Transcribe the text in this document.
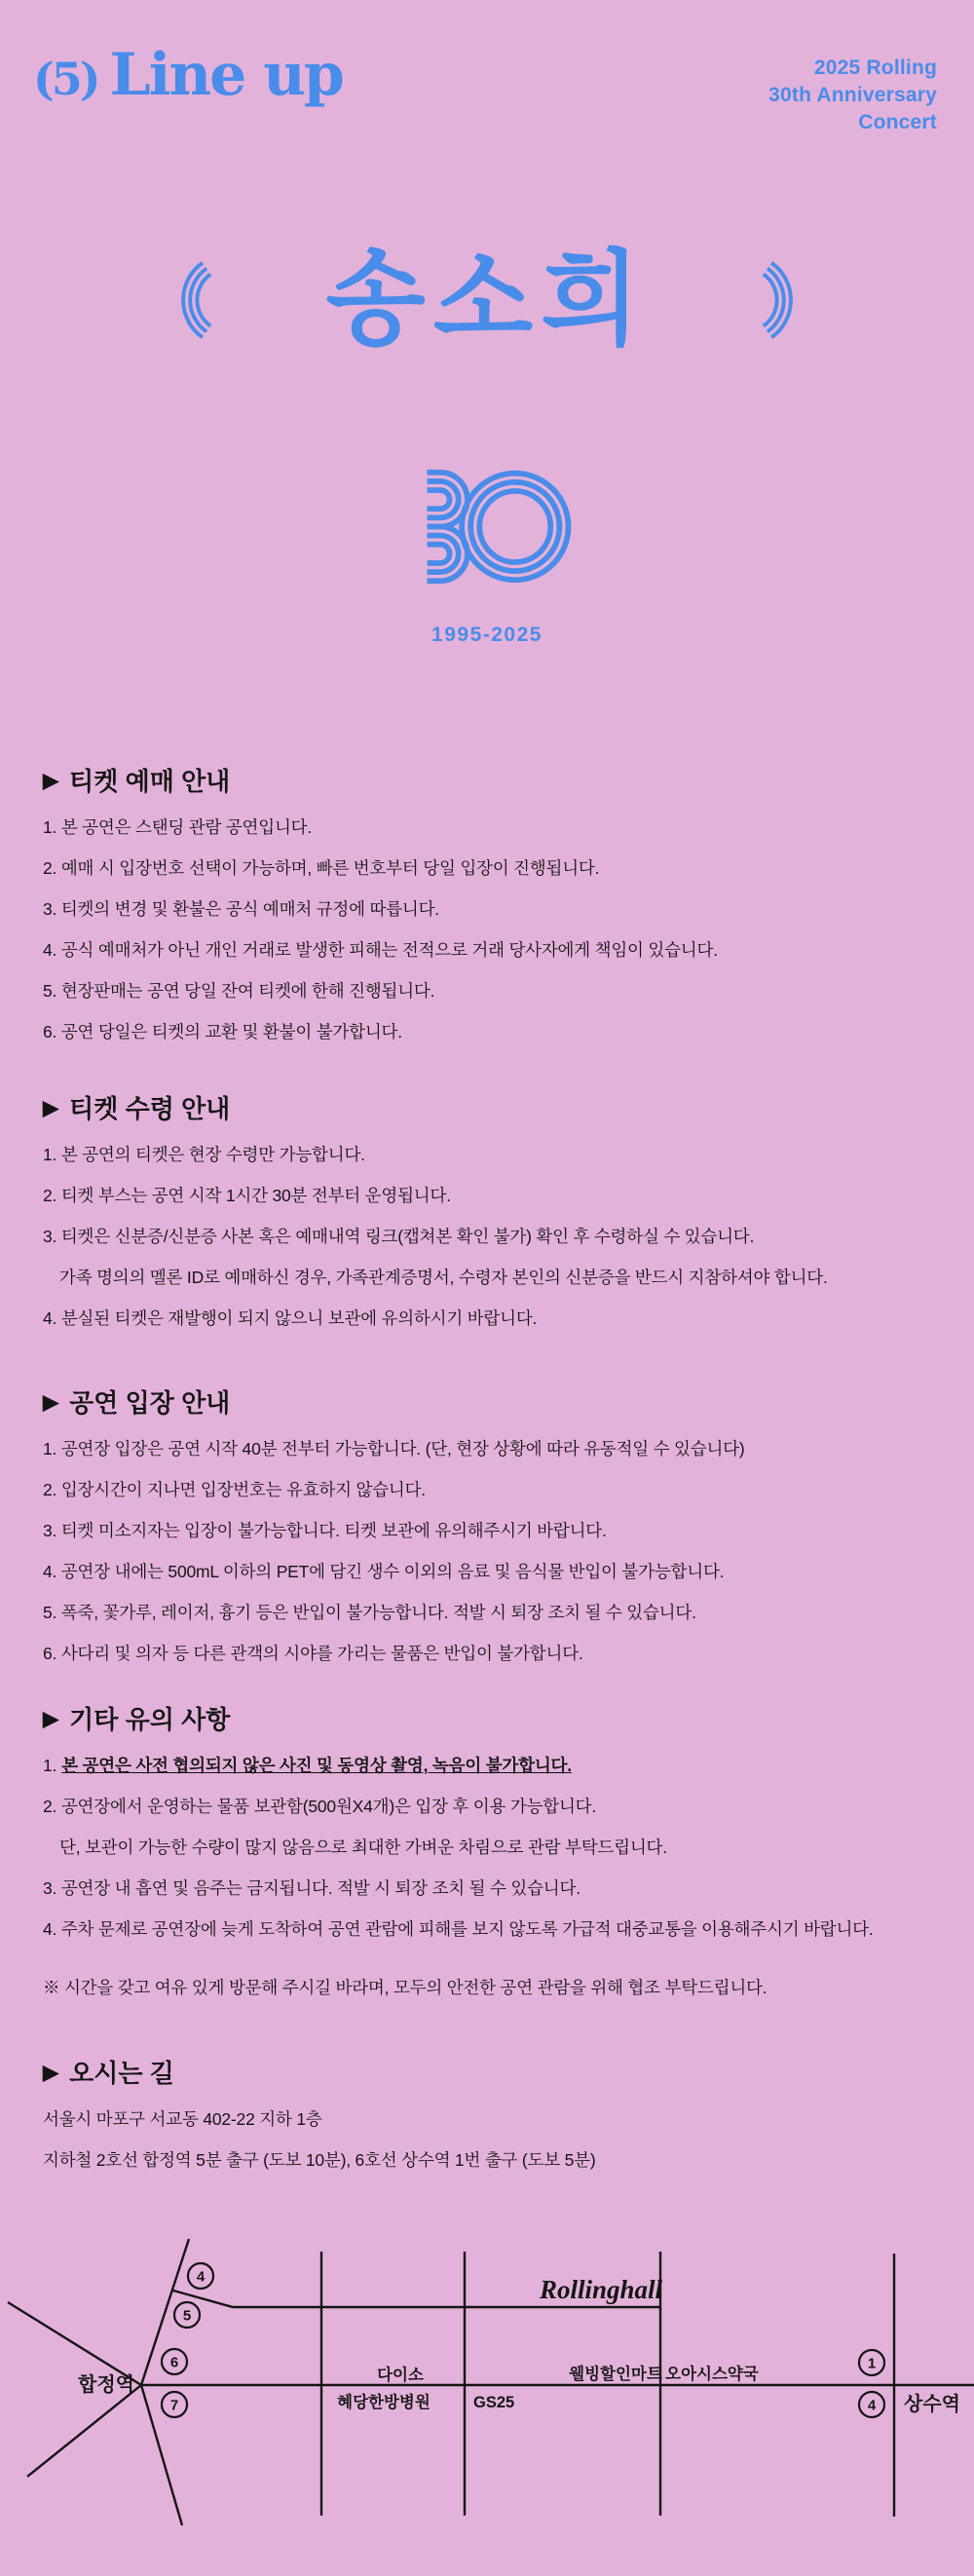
(5) Line up	2025 Rolling
30th Anniversary
Concert
송소희
1995-2025
▶ 티켓 예매 안내
1. 본 공연은 스탠딩 관람 공연입니다.
2. 예매 시 입장번호 선택이 가능하며, 빠른 번호부터 당일 입장이 진행됩니다.
3. 티켓의 변경 및 환불은 공식 예매처 규정에 따릅니다.
4. 공식 예매처가 아닌 개인 거래로 발생한 피해는 전적으로 거래 당사자에게 책임이 있습니다.
5. 현장판매는 공연 당일 잔여 티켓에 한해 진행됩니다.
6. 공연 당일은 티켓의 교환 및 환불이 불가합니다.
▶ 티켓 수령 안내
1. 본 공연의 티켓은 현장 수령만 가능합니다.
2. 티켓 부스는 공연 시작 1시간 30분 전부터 운영됩니다.
3. 티켓은 신분증/신분증 사본 혹은 예매내역 링크(캡쳐본 확인 불가) 확인 후 수령하실 수 있습니다.
가족 명의의 멜론 ID로 예매하신 경우, 가족관계증명서, 수령자 본인의 신분증을 반드시 지참하셔야 합니다.
4. 분실된 티켓은 재발행이 되지 않으니 보관에 유의하시기 바랍니다.
▶ 공연 입장 안내
1. 공연장 입장은 공연 시작 40분 전부터 가능합니다. (단, 현장 상황에 따라 유동적일 수 있습니다)
2. 입장시간이 지나면 입장번호는 유효하지 않습니다.
3. 티켓 미소지자는 입장이 불가능합니다. 티켓 보관에 유의해주시기 바랍니다.
4. 공연장 내에는 500mL 이하의 PET에 담긴 생수 이외의 음료 및 음식물 반입이 불가능합니다.
5. 폭죽, 꽃가루, 레이저, 흉기 등은 반입이 불가능합니다. 적발 시 퇴장 조치 될 수 있습니다.
6. 사다리 및 의자 등 다른 관객의 시야를 가리는 물품은 반입이 불가합니다.
▶ 기타 유의 사항
1. 본 공연은 사전 협의되지 않은 사진 및 동영상 촬영, 녹음이 불가합니다.
2. 공연장에서 운영하는 물품 보관함(500원X4개)은 입장 후 이용 가능합니다.
단, 보관이 가능한 수량이 많지 않음으로 최대한 가벼운 차림으로 관람 부탁드립니다.
3. 공연장 내 흡연 및 음주는 금지됩니다. 적발 시 퇴장 조치 될 수 있습니다.
4. 주차 문제로 공연장에 늦게 도착하여 공연 관람에 피해를 보지 않도록 가급적 대중교통을 이용해주시기 바랍니다.
※ 시간을 갖고 여유 있게 방문해 주시길 바라며, 모두의 안전한 공연 관람을 위해 협조 부탁드립니다.
▶ 오시는 길
서울시 마포구 서교동 402-22 지하 1층
지하철 2호선 합정역 5분 출구 (도보 10분), 6호선 상수역 1번 출구 (도보 5분)
4
5
6
7
1
4
Rollinghall
합정역
상수역
다이소	웰빙할인마트 오아시스약국
혜당한방병원	GS25
